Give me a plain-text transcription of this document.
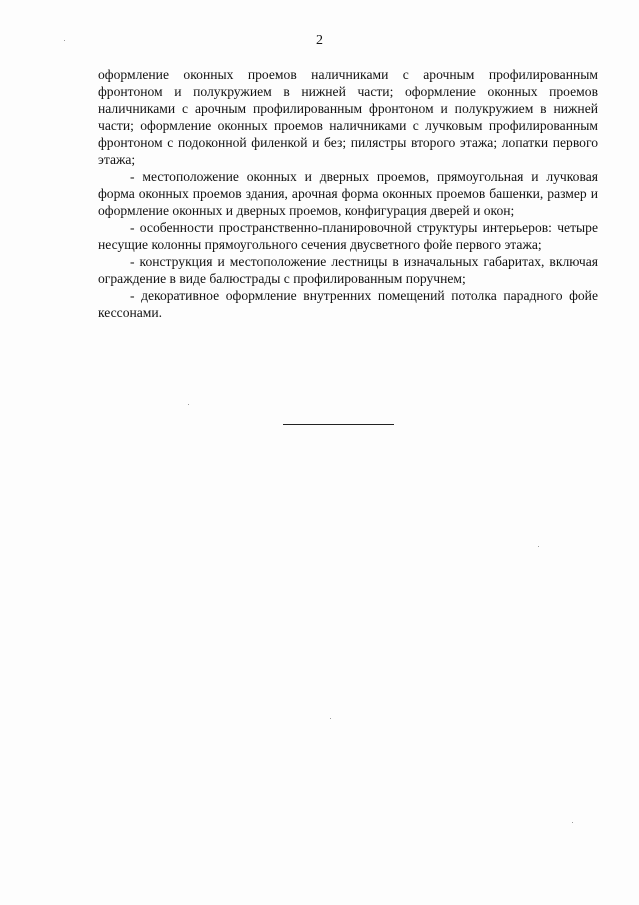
2

оформление оконных проемов наличниками с арочным профилированным фронтоном и полукружием в нижней части; оформление оконных проемов наличниками с арочным профилированным фронтоном и полукружием в нижней части; оформление оконных проемов наличниками с лучковым профилированным фронтоном с подоконной филенкой и без; пилястры второго этажа; лопатки первого этажа;

- местоположение оконных и дверных проемов, прямоугольная и лучковая форма оконных проемов здания, арочная форма оконных проемов башенки, размер и оформление оконных и дверных проемов, конфигурация дверей и окон;

- особенности пространственно-планировочной структуры интерьеров: четыре несущие колонны прямоугольного сечения двусветного фойе первого этажа;

- конструкция и местоположение лестницы в изначальных габаритах, включая ограждение в виде балюстрады с профилированным поручнем;

- декоративное оформление внутренних помещений потолка парадного фойе кессонами.
